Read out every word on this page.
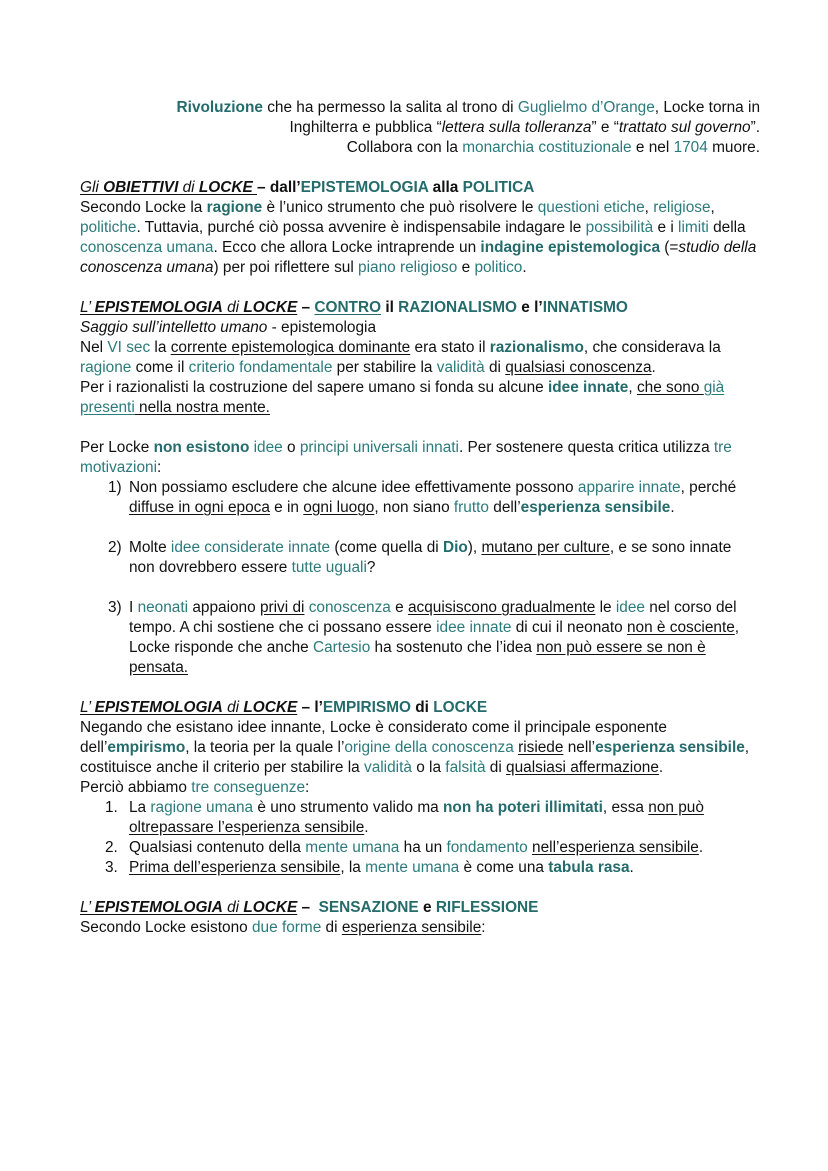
Rivoluzione che ha permesso la salita al trono di Guglielmo d’Orange, Locke torna in
Inghilterra e pubblica “lettera sulla tolleranza” e “trattato sul governo”.
Collabora con la monarchia costituzionale e nel 1704 muore.
Gli OBIETTIVI di LOCKE – dall’EPISTEMOLOGIA alla POLITICA
Secondo Locke la ragione è l’unico strumento che può risolvere le questioni etiche, religiose, politiche. Tuttavia, purché ciò possa avvenire è indispensabile indagare le possibilità e i limiti della conoscenza umana. Ecco che allora Locke intraprende un indagine epistemologica (=studio della conoscenza umana) per poi riflettere sul piano religioso e politico.
L’ EPISTEMOLOGIA di LOCKE – CONTRO il RAZIONALISMO e l’INNATISMO
Saggio sull’intelletto umano - epistemologia
Nel VI sec la corrente epistemologica dominante era stato il razionalismo, che considerava la ragione come il criterio fondamentale per stabilire la validità di qualsiasi conoscenza.
Per i razionalisti la costruzione del sapere umano si fonda su alcune idee innate, che sono già presenti nella nostra mente.
Per Locke non esistono idee o principi universali innati. Per sostenere questa critica utilizza tre motivazioni:
1) Non possiamo escludere che alcune idee effettivamente possono apparire innate, perché diffuse in ogni epoca e in ogni luogo, non siano frutto dell’esperienza sensibile.
2) Molte idee considerate innate (come quella di Dio), mutano per culture, e se sono innate non dovrebbero essere tutte uguali?
3) I neonati appaiono privi di conoscenza e acquisiscono gradualmente le idee nel corso del tempo. A chi sostiene che ci possano essere idee innate di cui il neonato non è cosciente, Locke risponde che anche Cartesio ha sostenuto che l’idea non può essere se non è pensata.
L’ EPISTEMOLOGIA di LOCKE – l’EMPIRISMO di LOCKE
Negando che esistano idee innante, Locke è considerato come il principale esponente dell’empirismo, la teoria per la quale l’origine della conoscenza risiede nell’esperienza sensibile, costituisce anche il criterio per stabilire la validità o la falsità di qualsiasi affermazione.
Perciò abbiamo tre conseguenze:
1. La ragione umana è uno strumento valido ma non ha poteri illimitati, essa non può oltrepassare l’esperienza sensibile.
2. Qualsiasi contenuto della mente umana ha un fondamento nell’esperienza sensibile.
3. Prima dell’esperienza sensibile, la mente umana è come una tabula rasa.
L’ EPISTEMOLOGIA di LOCKE –  SENSAZIONE e RIFLESSIONE
Secondo Locke esistono due forme di esperienza sensibile:
